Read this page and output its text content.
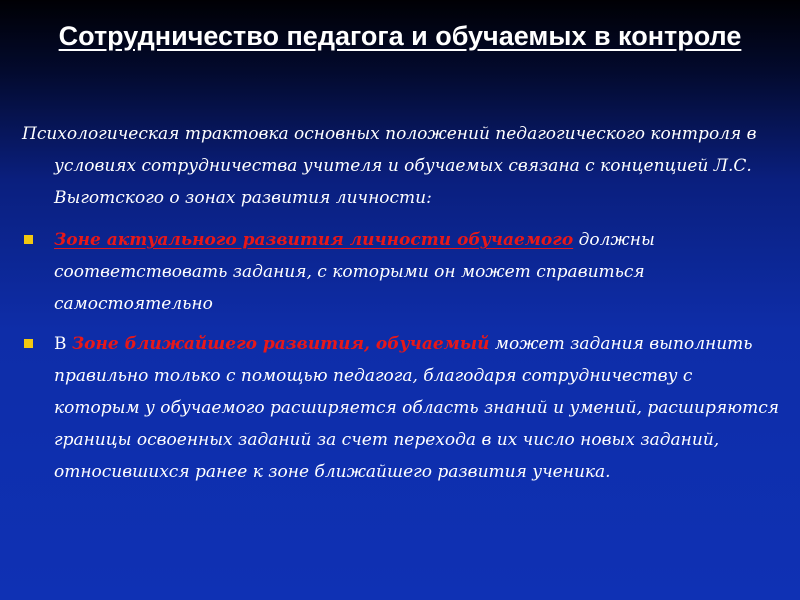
Сотрудничество педагога и обучаемых в контроле

Психологическая трактовка основных положений педагогического контроля в условиях сотрудничества учителя и обучаемых связана с концепцией Л.С. Выготского о зонах развития личности:

Зоне актуального развития личности обучаемого должны соответствовать задания, с которыми он может справиться самостоятельно

В Зоне ближайшего развития, обучаемый может задания выполнить правильно только с помощью педагога, благодаря сотрудничеству с которым у обучаемого расширяется область знаний и умений, расширяются границы освоенных заданий за счет перехода в их число новых заданий, относившихся ранее к зоне ближайшего развития ученика.
